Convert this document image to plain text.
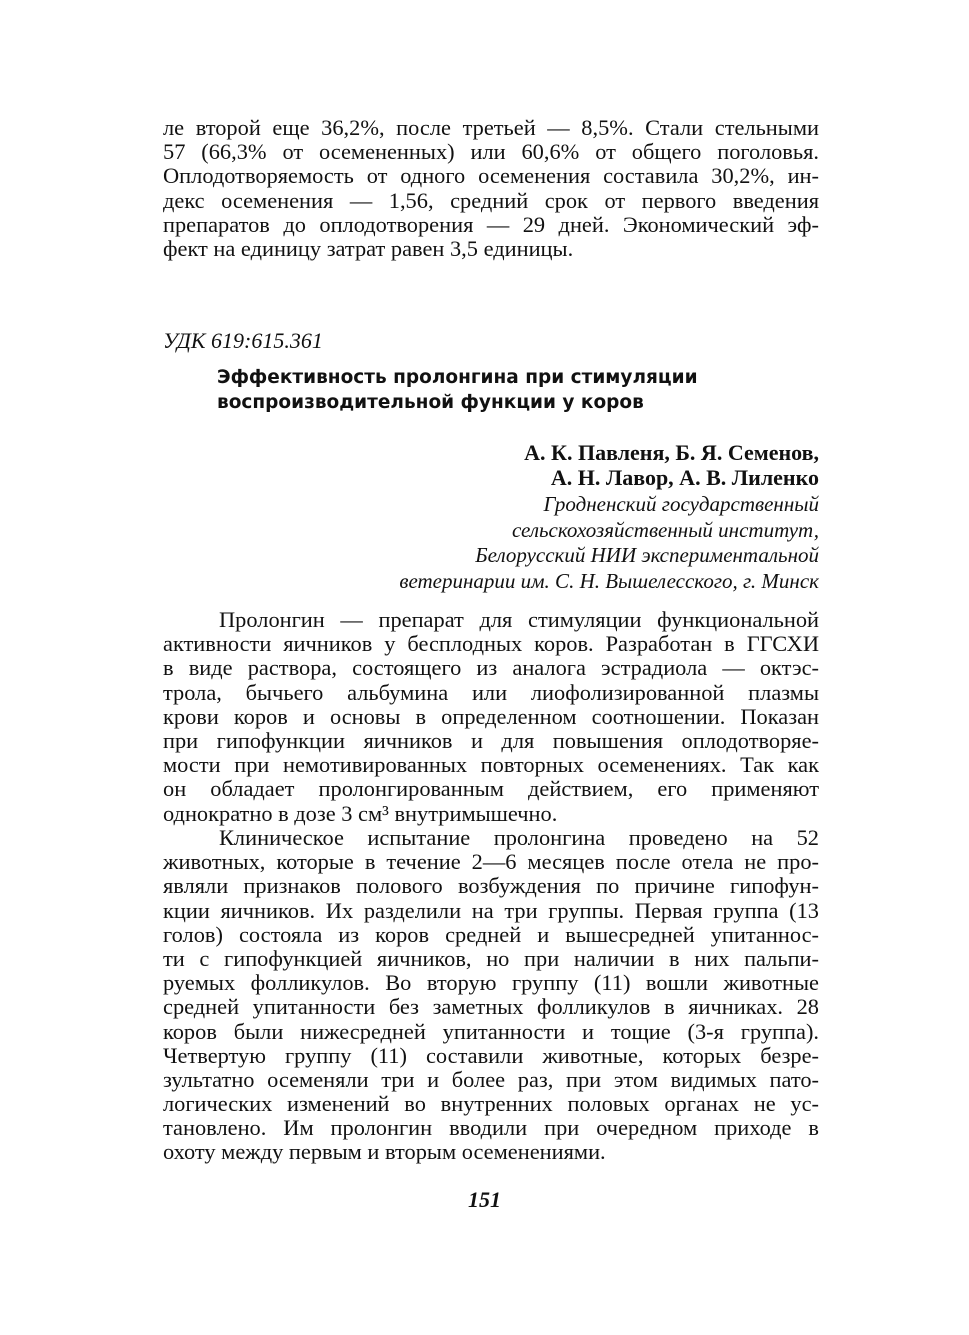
ле второй еще 36,2%, после третьей — 8,5%. Стали стельными
57 (66,3% от осемененных) или 60,6% от общего поголовья.
Оплодотворяемость от одного осеменения составила 30,2%, ин-
декс осеменения — 1,56, средний срок от первого введения
препаратов до оплодотворения — 29 дней. Экономический эф-
фект на единицу затрат равен 3,5 единицы.
УДК 619:615.361
Эффективность пролонгина при стимуляции
воспроизводительной функции у коров
А. К. Павленя, Б. Я. Семенов,
А. Н. Лавор, А. В. Лиленко
Гродненский государственный
сельскохозяйственный институт,
Белорусский НИИ экспериментальной
ветеринарии им. С. Н. Вышелесского, г. Минск
Пролонгин — препарат для стимуляции функциональной
активности яичников у бесплодных коров. Разработан в ГГСХИ
в виде раствора, состоящего из аналога эстрадиола — октэс-
трола, бычьего альбумина или лиофолизированной плазмы
крови коров и основы в определенном соотношении. Показан
при гипофункции яичников и для повышения оплодотворяе-
мости при немотивированных повторных осеменениях. Так как
он обладает пролонгированным действием, его применяют
однократно в дозе 3 см³ внутримышечно.
Клиническое испытание пролонгина проведено на 52
животных, которые в течение 2—6 месяцев после отела не про-
являли признаков полового возбуждения по причине гипофун-
кции яичников. Их разделили на три группы. Первая группа (13
голов) состояла из коров средней и вышесредней упитаннос-
ти с гипофункцией яичников, но при наличии в них пальпи-
руемых фолликулов. Во вторую группу (11) вошли животные
средней упитанности без заметных фолликулов в яичниках. 28
коров были нижесредней упитанности и тощие (3-я группа).
Четвертую группу (11) составили животные, которых безре-
зультатно осеменяли три и более раз, при этом видимых пато-
логических изменений во внутренних половых органах не ус-
тановлено. Им пролонгин вводили при очередном приходе в
охоту между первым и вторым осеменениями.
151
